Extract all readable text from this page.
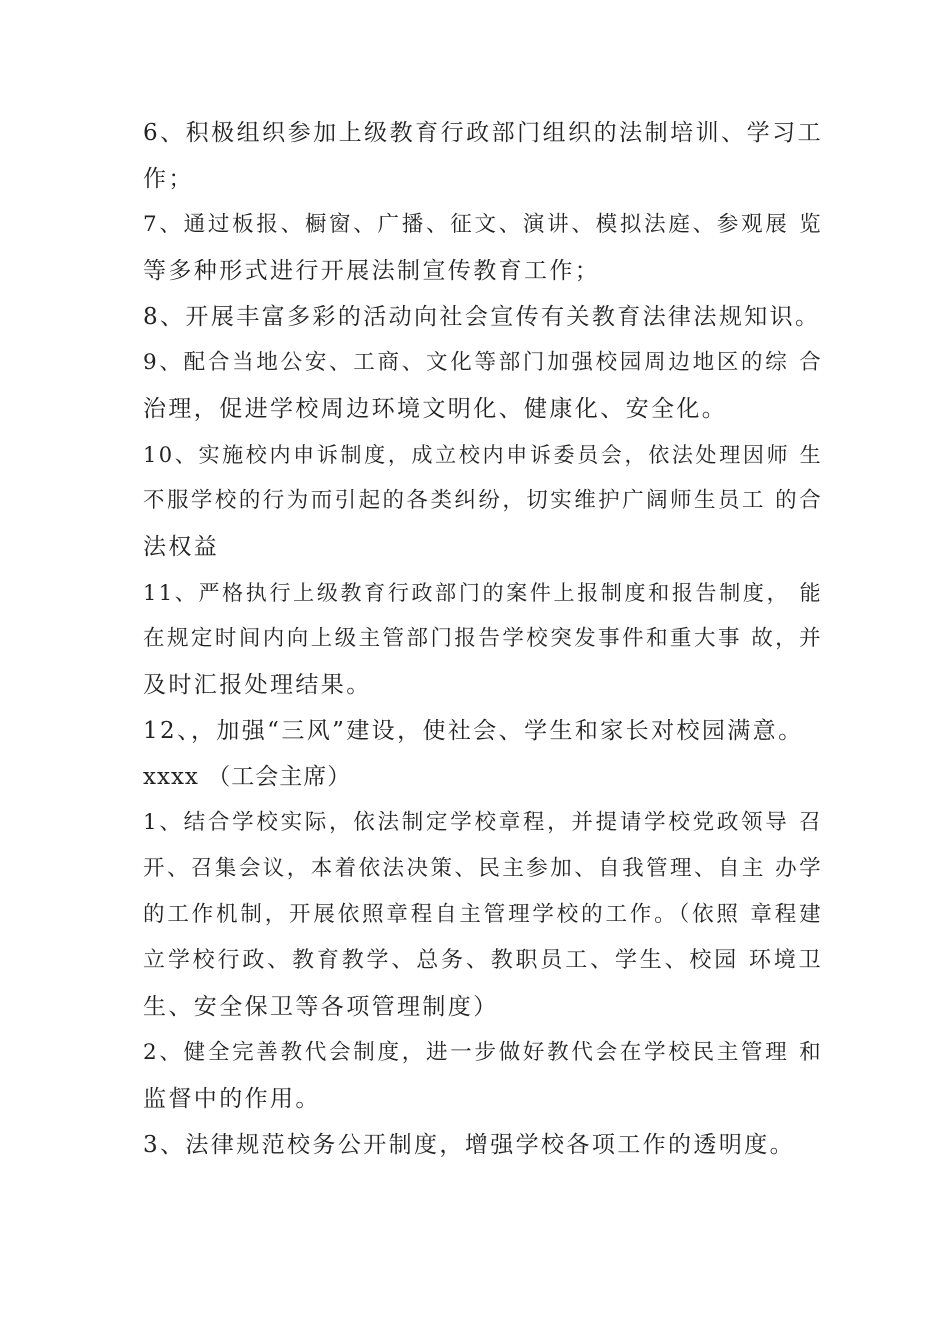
6、积极组织参加上级教育行政部门组织的法制培训、学习工
作；
7、通过板报、橱窗、广播、征文、演讲、模拟法庭、参观展 览
等多种形式进行开展法制宣传教育工作；
8、开展丰富多彩的活动向社会宣传有关教育法律法规知识。
9、配合当地公安、工商、文化等部门加强校园周边地区的综 合
治理，促进学校周边环境文明化、健康化、安全化。
10、实施校内申诉制度，成立校内申诉委员会，依法处理因师 生
不服学校的行为而引起的各类纠纷，切实维护广阔师生员工 的合
法权益
11、严格执行上级教育行政部门的案件上报制度和报告制度， 能
在规定时间内向上级主管部门报告学校突发事件和重大事 故，并
及时汇报处理结果。
12、，加强“三风”建设，使社会、学生和家长对校园满意。
xxxx （工会主席）
1、结合学校实际，依法制定学校章程，并提请学校党政领导 召
开、召集会议，本着依法决策、民主参加、自我管理、自主 办学
的工作机制，开展依照章程自主管理学校的工作。（依照 章程建
立学校行政、教育教学、总务、教职员工、学生、校园 环境卫
生、安全保卫等各项管理制度）
2、健全完善教代会制度，进一步做好教代会在学校民主管理 和
监督中的作用。
3、法律规范校务公开制度，增强学校各项工作的透明度。
